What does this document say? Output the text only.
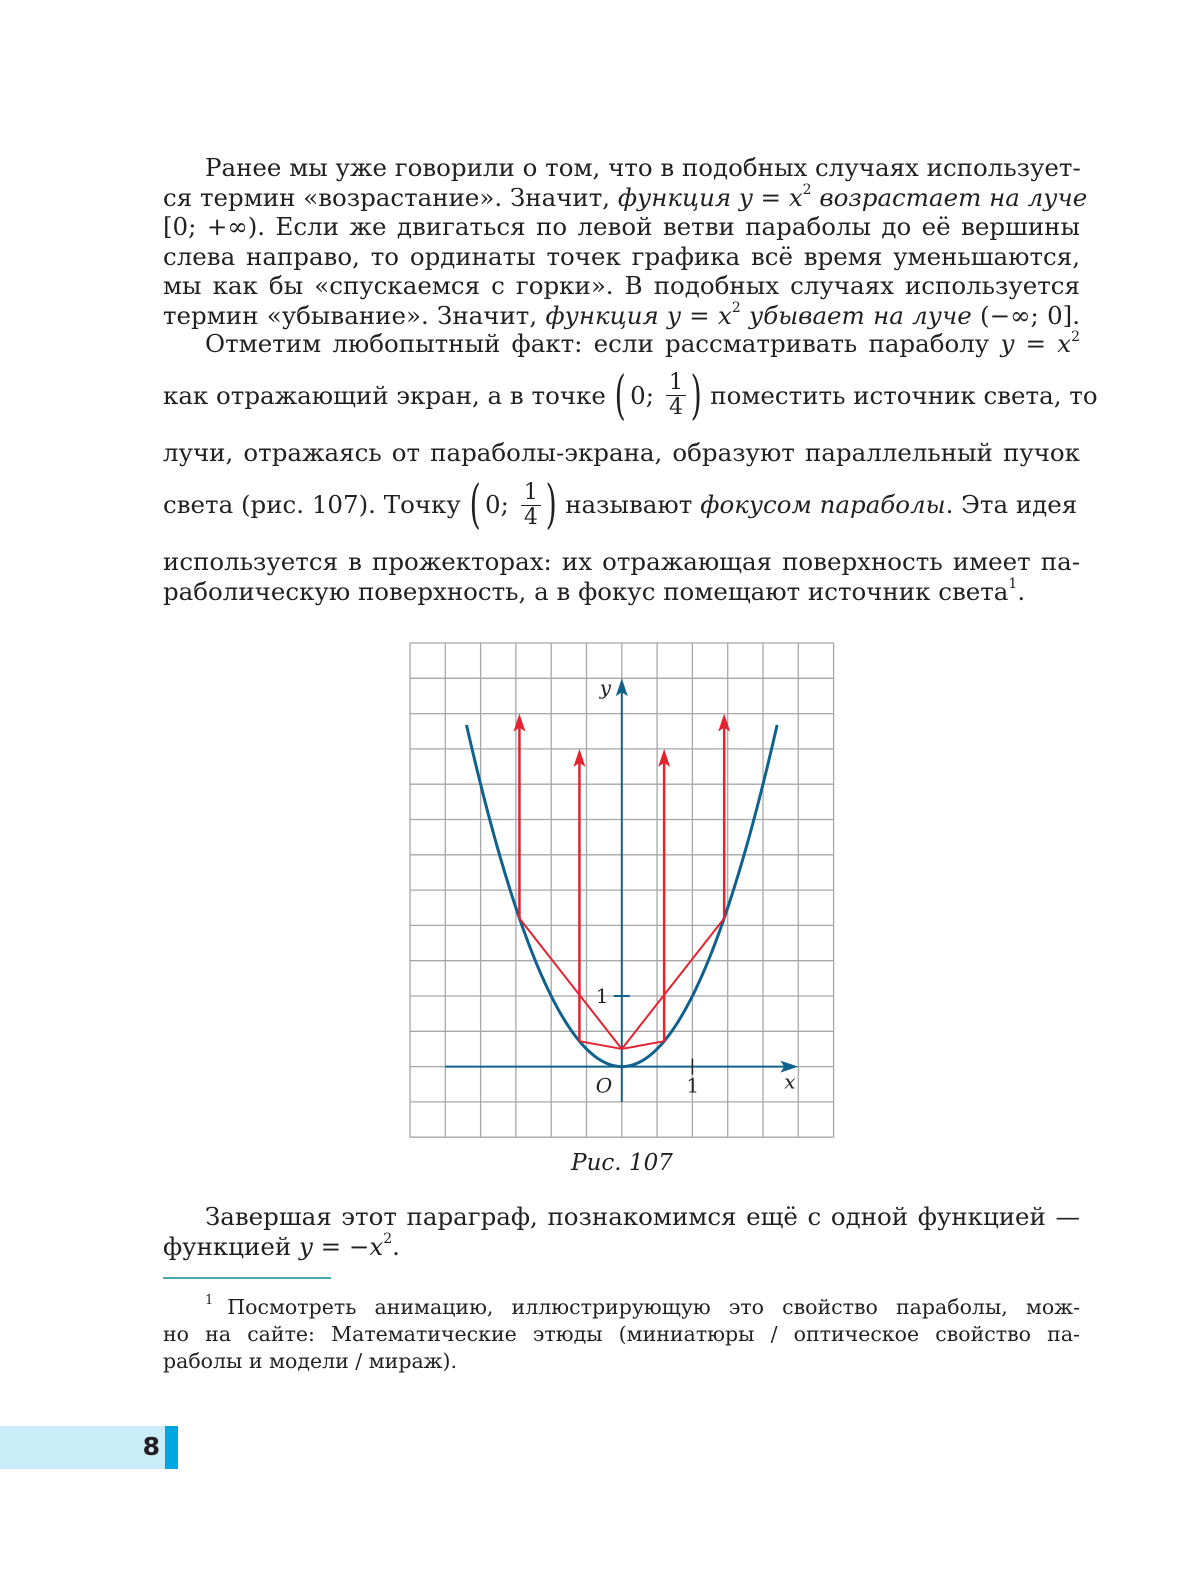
Ранее мы уже говорили о том, что в подобных случаях использует-
ся термин «возрастание». Значит, функция $y = x^2$ возрастает на луче
[0; +∞). Если же двигаться по левой ветви параболы до её вершины
слева направо, то ординаты точек графика всё время уменьшаются,
мы как бы «спускаемся с горки». В подобных случаях используется
термин «убывание». Значит, функция $y = x^2$ убывает на луче (−∞; 0].
Отметим любопытный факт: если рассматривать параболу $y = x^2$
как отражающий экран, а в точке ( 0; $\frac{1}{4}$ ) поместить источник света, то
лучи, отражаясь от параболы-экрана, образуют параллельный пучок
света (рис. 107). Точку ( 0; $\frac{1}{4}$ ) называют фокусом параболы . Эта идея
используется в прожекторах: их отражающая поверхность имеет па-
раболическую поверхность, а в фокус помещают источник света$^1$.
y
x
O	1
1
Рис. 107
Завершая этот параграф, познакомимся ещё с одной функцией —
функцией $y = -x^2$.
$^1$ Посмотреть анимацию, иллюстрирующую это свойство параболы, мож-
но на сайте: Математические этюды (миниатюры / оптическое свойство па-
раболы и модели / мираж).
8
